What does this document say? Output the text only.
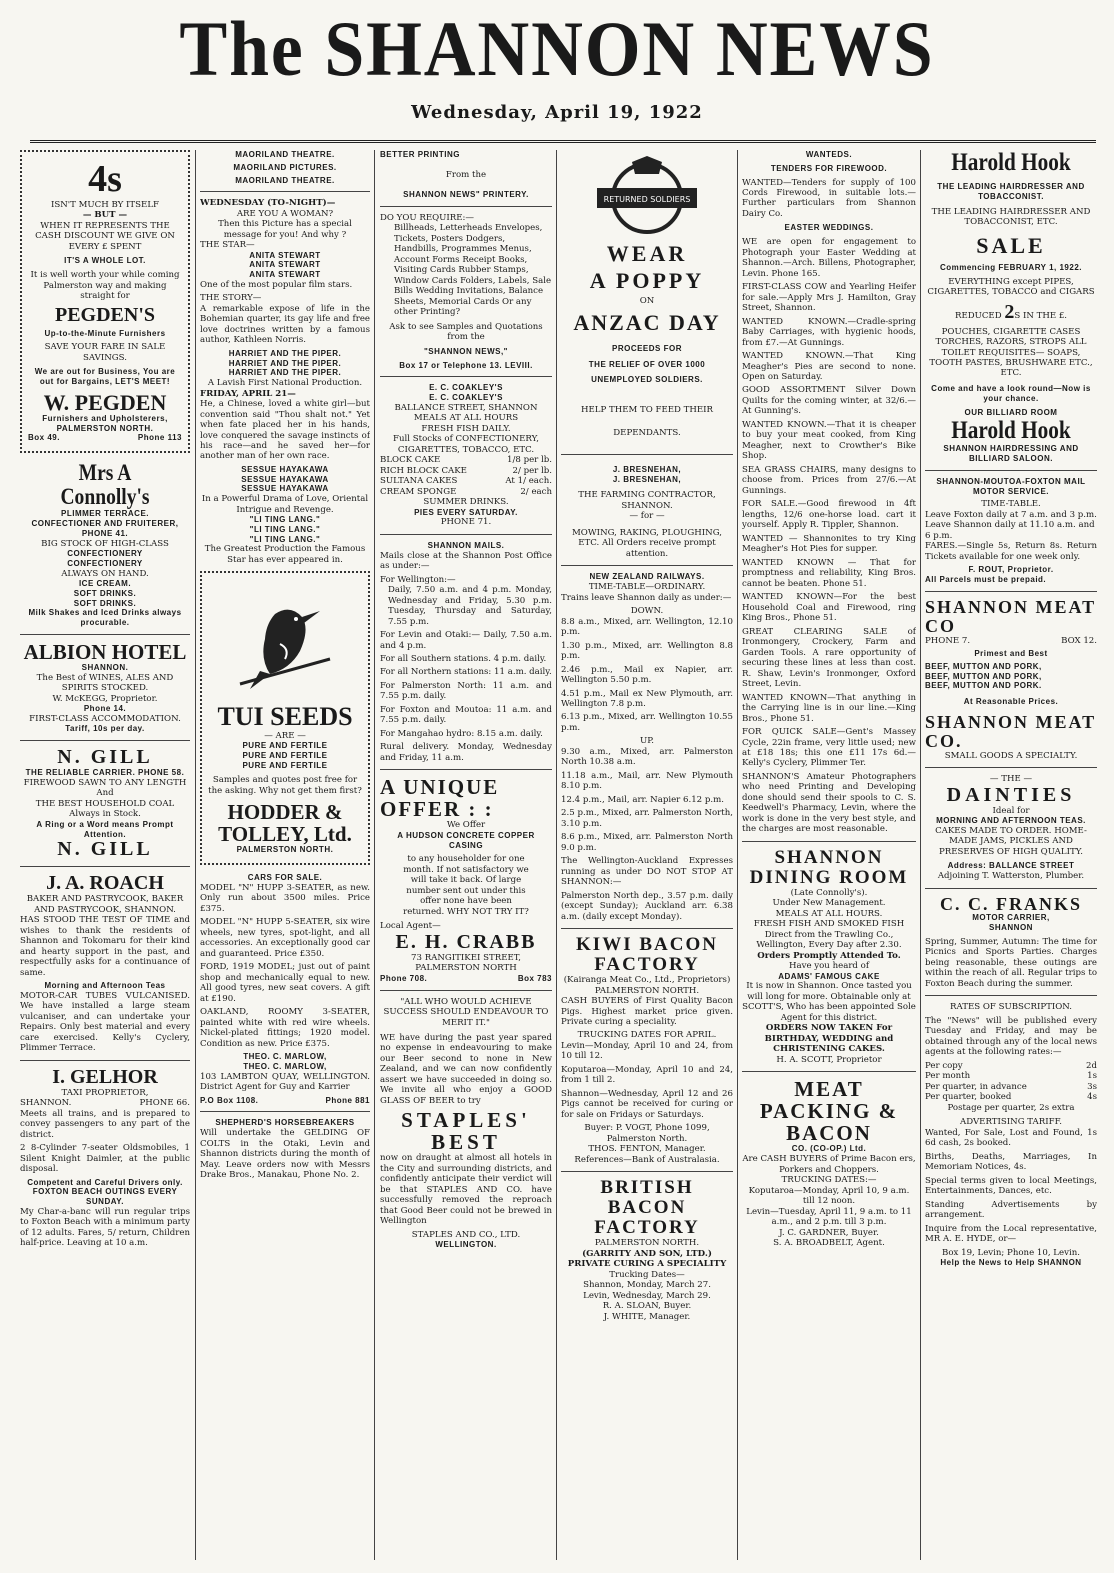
The SHANNON NEWS
Wednesday, April 19, 1922
4s
ISN'T MUCH BY ITSELF
— BUT —
WHEN IT REPRESENTS THE CASH DISCOUNT WE GIVE ON EVERY £ SPENT
IT'S A WHOLE LOT.
It is well worth your while coming Palmerston way and making straight for
PEGDEN'S
Up-to-the-Minute Furnishers
SAVE YOUR FARE IN SALE SAVINGS.
We are out for Business, You are out for Bargains, LET'S MEET!
W. PEGDEN
Furnishers and Upholsterers, PALMERSTON NORTH.
Box 49.	Phone 113
Mrs A Connolly's
PLIMMER TERRACE.
CONFECTIONER AND FRUITERER, PHONE 41.
BIG STOCK OF HIGH-CLASS
CONFECTIONERY
CONFECTIONERY
ALWAYS ON HAND.
ICE CREAM.
SOFT DRINKS.
SOFT DRINKS.
Milk Shakes and Iced Drinks always procurable.
ALBION HOTEL
SHANNON.
The Best of WINES, ALES AND SPIRITS STOCKED.
W. McKEGG, Proprietor.
Phone 14.
FIRST-CLASS ACCOMMODATION.
Tariff, 10s per day.
N. GILL
THE RELIABLE CARRIER. PHONE 58.
FIREWOOD SAWN TO ANY LENGTH
And
THE BEST HOUSEHOLD COAL Always in Stock.
A Ring or a Word means Prompt Attention.
N. GILL
J. A. ROACH
BAKER AND PASTRYCOOK, BAKER AND PASTRYCOOK, SHANNON.
HAS STOOD THE TEST OF TIME and wishes to thank the residents of Shannon and Tokomaru for their kind and hearty support in the past, and respectfully asks for a continuance of same.
Morning and Afternoon Teas
MOTOR-CAR TUBES VULCANISED. We have installed a large steam vulcaniser, and can undertake your Repairs. Only best material and every care exercised. Kelly's Cyclery, Plimmer Terrace.
I. GELHOR
TAXI PROPRIETOR,
SHANNON.	PHONE 66.
Meets all trains, and is prepared to convey passengers to any part of the district.
2 8-Cylinder 7-seater Oldsmobiles, 1 Silent Knight Daimler, at the public disposal.
Competent and Careful Drivers only. FOXTON BEACH OUTINGS EVERY SUNDAY.
My Char-a-banc will run regular trips to Foxton Beach with a minimum party of 12 adults. Fares, 5/ return, Children half-price. Leaving at 10 a.m.
MAORILAND THEATRE.
MAORILAND PICTURES.
MAORILAND THEATRE.
WEDNESDAY (TO-NIGHT)—
ARE YOU A WOMAN?
Then this Picture has a special message for you! And why ?
THE STAR—
ANITA STEWART
ANITA STEWART
ANITA STEWART
One of the most popular film stars.
THE STORY—
A remarkable expose of life in the Bohemian quarter, its gay life and free love doctrines written by a famous author, Kathleen Norris.
HARRIET AND THE PIPER.
HARRIET AND THE PIPER.
HARRIET AND THE PIPER.
A Lavish First National Production.
FRIDAY, APRIL 21—
He, a Chinese, loved a white girl—but convention said "Thou shalt not." Yet when fate placed her in his hands, love conquered the savage instincts of his race—and he saved her—for another man of her own race.
SESSUE HAYAKAWA
SESSUE HAYAKAWA
SESSUE HAYAKAWA
In a Powerful Drama of Love, Oriental Intrigue and Revenge.
"LI TING LANG."
"LI TING LANG."
"LI TING LANG."
The Greatest Production the Famous Star has ever appeared in.
TUI SEEDS
— ARE —
PURE AND FERTILE
PURE AND FERTILE
PURE AND FERTILE
Samples and quotes post free for the asking. Why not get them first?
HODDER & TOLLEY, Ltd.
PALMERSTON NORTH.
CARS FOR SALE.
MODEL "N" HUPP 3-SEATER, as new. Only run about 3500 miles. Price £375.
MODEL "N" HUPP 5-SEATER, six wire wheels, new tyres, spot-light, and all accessories. An exceptionally good car and guaranteed. Price £350.
FORD, 1919 MODEL; just out of paint shop and mechanically equal to new. All good tyres, new seat covers. A gift at £190.
OAKLAND, ROOMY 3-SEATER, painted white with red wire wheels. Nickel-plated fittings; 1920 model. Condition as new. Price £375.
THEO. C. MARLOW,
THEO. C. MARLOW,
103 LAMBTON QUAY, WELLINGTON. District Agent for Guy and Karrier
P.O Box 1108.	Phone 881
SHEPHERD'S HORSEBREAKERS
Will undertake the GELDING OF COLTS in the Otaki, Levin and Shannon districts during the month of May. Leave orders now with Messrs Drake Bros., Manakau, Phone No. 2.
BETTER PRINTING
From the
SHANNON NEWS" PRINTERY.
DO YOU REQUIRE:—
Billheads, Letterheads Envelopes, Tickets, Posters Dodgers, Handbills, Programmes Menus, Account Forms Receipt Books, Visiting Cards Rubber Stamps, Window Cards Folders, Labels, Sale Bills Wedding Invitations, Balance Sheets, Memorial Cards Or any other Printing?
Ask to see Samples and Quotations from the
"SHANNON NEWS,"
Box 17 or Telephone 13. LEVIII.
E. C. COAKLEY'S
E. C. COAKLEY'S
BALLANCE STREET, SHANNON
MEALS AT ALL HOURS
FRESH FISH DAILY.
Full Stocks of CONFECTIONERY, CIGARETTES, TOBACCO, ETC.
BLOCK CAKE	1/8 per lb.
RICH BLOCK CAKE	2/ per lb.
SULTANA CAKES	At 1/ each.
CREAM SPONGE	2/ each
SUMMER DRINKS.
PIES EVERY SATURDAY.
PHONE 71.
SHANNON MAILS.
Mails close at the Shannon Post Office as under:—
For Wellington:—
Daily, 7.50 a.m. and 4 p.m. Monday, Wednesday and Friday, 5.30 p.m. Tuesday, Thursday and Saturday, 7.55 p.m.
For Levin and Otaki:— Daily, 7.50 a.m. and 4 p.m.
For all Southern stations. 4 p.m. daily.
For all Northern stations: 11 a.m. daily.
For Palmerston North: 11 a.m. and 7.55 p.m. daily.
For Foxton and Moutoa: 11 a.m. and 7.55 p.m. daily.
For Mangahao hydro: 8.15 a.m. daily.
Rural delivery. Monday, Wednesday and Friday, 11 a.m.
A UNIQUE OFFER : :
We Offer
A HUDSON CONCRETE COPPER CASING
to any householder for one month. If not satisfactory we will take it back. Of large number sent out under this offer none have been returned. WHY NOT TRY IT?
Local Agent—
E. H. CRABB
73 RANGITIKEI STREET, PALMERSTON NORTH
Phone 708.	Box 783
"ALL WHO WOULD ACHIEVE SUCCESS SHOULD ENDEAVOUR TO MERIT IT."
WE have during the past year spared no expense in endeavouring to make our Beer second to none in New Zealand, and we can now confidently assert we have succeeded in doing so. We invite all who enjoy a GOOD GLASS OF BEER to try
STAPLES' BEST
now on draught at almost all hotels in the City and surrounding districts, and confidently anticipate their verdict will be that STAPLES AND CO. have successfully removed the reproach that Good Beer could not be brewed in Wellington
STAPLES AND CO., LTD.
WELLINGTON.
RETURNED SOLDIERS
WEAR
A POPPY
ON
ANZAC DAY
PROCEEDS FOR
THE RELIEF OF OVER 1000
UNEMPLOYED SOLDIERS.
HELP THEM TO FEED THEIR
DEPENDANTS.
J. BRESNEHAN,
J. BRESNEHAN,
THE FARMING CONTRACTOR, SHANNON.
— for —
MOWING, RAKING, PLOUGHING, ETC. All Orders receive prompt attention.
NEW ZEALAND RAILWAYS.
TIME-TABLE—ORDINARY.
Trains leave Shannon daily as under:—
DOWN.
8.8 a.m., Mixed, arr. Wellington, 12.10 p.m.
1.30 p.m., Mixed, arr. Wellington 8.8 p.m.
2.46 p.m., Mail ex Napier, arr. Wellington 5.50 p.m.
4.51 p.m., Mail ex New Plymouth, arr. Wellington 7.8 p.m.
6.13 p.m., Mixed, arr. Wellington 10.55 p.m.
UP.
9.30 a.m., Mixed, arr. Palmerston North 10.38 a.m.
11.18 a.m., Mail, arr. New Plymouth 8.10 p.m.
12.4 p.m., Mail, arr. Napier 6.12 p.m.
2.5 p.m., Mixed, arr. Palmerston North, 3.10 p.m.
8.6 p.m., Mixed, arr. Palmerston North 9.0 p.m.
The Wellington-Auckland Expresses running as under DO NOT STOP AT SHANNON:—
Palmerston North dep., 3.57 p.m. daily (except Sunday); Auckland arr. 6.38 a.m. (daily except Monday).
KIWI BACON FACTORY
(Kairanga Meat Co., Ltd., Proprietors) PALMERSTON NORTH.
CASH BUYERS of First Quality Bacon Pigs. Highest market price given. Private curing a speciality.
TRUCKING DATES FOR APRIL.
Levin—Monday, April 10 and 24, from 10 till 12.
Koputaroa—Monday, April 10 and 24, from 1 till 2.
Shannon—Wednesday, April 12 and 26 Pigs cannot be received for curing or for sale on Fridays or Saturdays.
Buyer: P. VOGT, Phone 1099, Palmerston North.
THOS. FENTON, Manager.
References—Bank of Australasia.
BRITISH BACON FACTORY
PALMERSTON NORTH.
(GARRITY AND SON, LTD.)
PRIVATE CURING A SPECIALITY
Trucking Dates—
Shannon, Monday, March 27.
Levin, Wednesday, March 29.
R. A. SLOAN, Buyer.
J. WHITE, Manager.
WANTEDS.
TENDERS FOR FIREWOOD.
WANTED—Tenders for supply of 100 Cords Firewood, in suitable lots.—Further particulars from Shannon Dairy Co.
EASTER WEDDINGS.
WE are open for engagement to Photograph your Easter Wedding at Shannon.—Arch. Billens, Photographer, Levin. Phone 165.
FIRST-CLASS COW and Yearling Heifer for sale.—Apply Mrs J. Hamilton, Gray Street, Shannon.
WANTED KNOWN.—Cradle-spring Baby Carriages, with hygienic hoods, from £7.—At Gunnings.
WANTED KNOWN.—That King Meagher's Pies are second to none. Open on Saturday.
GOOD ASSORTMENT Silver Down Quilts for the coming winter, at 32/6.—At Gunning's.
WANTED KNOWN.—That it is cheaper to buy your meat cooked, from King Meagher, next to Crowther's Bike Shop.
SEA GRASS CHAIRS, many designs to choose from. Prices from 27/6.—At Gunnings.
FOR SALE.—Good firewood in 4ft lengths, 12/6 one-horse load. cart it yourself. Apply R. Tippler, Shannon.
WANTED — Shannonites to try King Meagher's Hot Pies for supper.
WANTED KNOWN — That for promptness and reliability, King Bros. cannot be beaten. Phone 51.
WANTED KNOWN—For the best Household Coal and Firewood, ring King Bros., Phone 51.
GREAT CLEARING SALE of Ironmongery, Crockery, Farm and Garden Tools. A rare opportunity of securing these lines at less than cost. R. Shaw, Levin's Ironmonger, Oxford Street, Levin.
WANTED KNOWN—That anything in the Carrying line is in our line.—King Bros., Phone 51.
FOR QUICK SALE—Gent's Massey Cycle, 22in frame, very little used; new at £18 18s; this one £11 17s 6d.—Kelly's Cyclery, Plimmer Ter.
SHANNON'S Amateur Photographers who need Printing and Developing done should send their spools to C. S. Keedwell's Pharmacy, Levin, where the work is done in the very best style, and the charges are most reasonable.
SHANNON DINING ROOM
(Late Connolly's).
Under New Management.
MEALS AT ALL HOURS.
FRESH FISH AND SMOKED FISH Direct from the Trawling Co., Wellington, Every Day after 2.30.
Orders Promptly Attended To.
Have you heard of
ADAMS' FAMOUS CAKE
It is now in Shannon. Once tasted you will long for more. Obtainable only at SCOTT'S, Who has been appointed Sole Agent for this district.
ORDERS NOW TAKEN For BIRTHDAY, WEDDING and CHRISTENING CAKES.
H. A. SCOTT, Proprietor
MEAT PACKING & BACON
CO. (CO-OP.) Ltd.
Are CASH BUYERS of Prime Bacon ers, Porkers and Choppers.
TRUCKING DATES:—
Koputaroa—Monday, April 10, 9 a.m. till 12 noon.
Levin—Tuesday, April 11, 9 a.m. to 11 a.m., and 2 p.m. till 3 p.m.
J. C. GARDNER, Buyer.
S. A. BROADBELT, Agent.
Harold Hook
THE LEADING HAIRDRESSER AND TOBACCONIST.
THE LEADING HAIRDRESSER AND TOBACCONIST, ETC.
SALE
Commencing FEBRUARY 1, 1922.
EVERYTHING except PIPES, CIGARETTES, TOBACCO and CIGARS
REDUCED 2S IN THE £.
POUCHES, CIGARETTE CASES TORCHES, RAZORS, STROPS ALL TOILET REQUISITES— SOAPS, TOOTH PASTES, BRUSHWARE ETC., ETC.
Come and have a look round—Now is your chance.
OUR BILLIARD ROOM
Harold Hook
SHANNON HAIRDRESSING AND BILLIARD SALOON.
SHANNON-MOUTOA-FOXTON MAIL MOTOR SERVICE.
TIME-TABLE.
Leave Foxton daily at 7 a.m. and 3 p.m.
Leave Shannon daily at 11.10 a.m. and 6 p.m.
FARES.—Single 5s, Return 8s. Return Tickets available for one week only.
F. ROUT, Proprietor.
All Parcels must be prepaid.
SHANNON MEAT CO
PHONE 7.	BOX 12.
Primest and Best
BEEF, MUTTON AND PORK,
BEEF, MUTTON AND PORK,
BEEF, MUTTON AND PORK.
At Reasonable Prices.
SHANNON MEAT CO.
SMALL GOODS A SPECIALTY.
— THE —
DAINTIES
Ideal for
MORNING AND AFTERNOON TEAS.
CAKES MADE TO ORDER. HOME-MADE JAMS, PICKLES AND PRESERVES OF HIGH QUALITY.
Address: BALLANCE STREET
Adjoining T. Watterston, Plumber.
C. C. FRANKS
MOTOR CARRIER,
SHANNON
Spring, Summer, Autumn: The time for Picnics and Sports Parties. Charges being reasonable, these outings are within the reach of all. Regular trips to Foxton Beach during the summer.
RATES OF SUBSCRIPTION.
The "News" will be published every Tuesday and Friday, and may be obtained through any of the local news agents at the following rates:—
Per copy	2d
Per month	1s
Per quarter, in advance	3s
Per quarter, booked	4s
Postage per quarter, 2s extra
ADVERTISING TARIFF.
Wanted, For Sale, Lost and Found, 1s 6d cash, 2s booked.
Births, Deaths, Marriages, In Memoriam Notices, 4s.
Special terms given to local Meetings, Entertainments, Dances, etc.
Standing Advertisements by arrangement.
Inquire from the Local representative, MR A. E. HYDE, or—
Box 19, Levin; Phone 10, Levin.
Help the News to Help SHANNON
